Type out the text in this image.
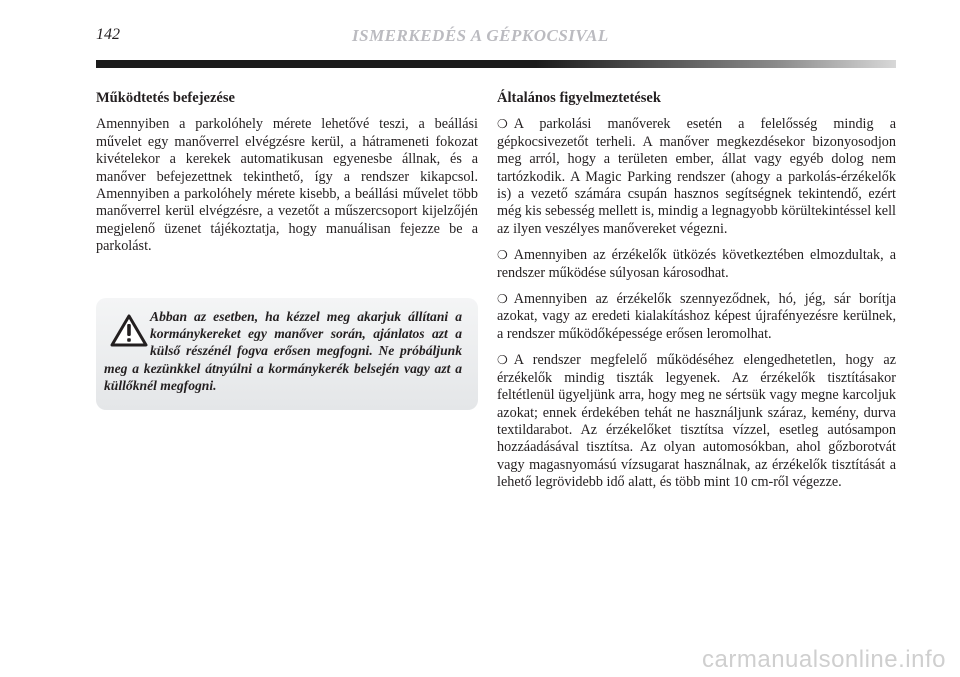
142	ISMERKEDÉS A GÉPKOCSIVAL
Működtetés befejezése

Amennyiben a parkolóhely mérete lehetővé teszi, a beállási művelet egy manőverrel elvégzésre kerül, a hátrameneti fokozat kivételekor a kerekek automatikusan egyenesbe állnak, és a manőver befejezettnek tekinthető, így a rendszer kikapcsol. Amennyiben a parkolóhely mérete kisebb, a beállási művelet több manőverrel kerül elvégzésre, a vezetőt a műszercsoport kijelzőjén megjelenő üzenet tájékoztatja, hogy manuálisan fejezze be a parkolást.

Abban az esetben, ha kézzel meg akarjuk állítani a kormánykereket egy manőver során, ajánlatos azt a külső részénél fogva erősen megfogni. Ne próbáljunk meg a kezünkkel átnyúlni a kormánykerék belsején vagy azt a küllőknél megfogni.
Általános figyelmeztetések

❍ A parkolási manőverek esetén a felelősség mindig a gépkocsivezetőt terheli. A manőver megkezdésekor bizonyosodjon meg arról, hogy a területen ember, állat vagy egyéb dolog nem tartózkodik. A Magic Parking rendszer (ahogy a parkolás-érzékelők is) a vezető számára csupán hasznos segítségnek tekintendő, ezért még kis sebesség mellett is, mindig a legnagyobb körültekintéssel kell az ilyen veszélyes manővereket végezni.

❍ Amennyiben az érzékelők ütközés következtében elmozdultak, a rendszer működése súlyosan károsodhat.

❍ Amennyiben az érzékelők szennyeződnek, hó, jég, sár borítja azokat, vagy az eredeti kialakításhoz képest újrafényezésre kerülnek, a rendszer működőképessége erősen leromolhat.

❍ A rendszer megfelelő működéséhez elengedhetetlen, hogy az érzékelők mindig tiszták legyenek. Az érzékelők tisztításakor feltétlenül ügyeljünk arra, hogy meg ne sértsük vagy megne karcoljuk azokat; ennek érdekében tehát ne használjunk száraz, kemény, durva textildarabot. Az érzékelőket tisztítsa vízzel, esetleg autósampon hozzáadásával tisztítsa. Az olyan automosókban, ahol gőzborotvát vagy magasnyomású vízsugarat használnak, az érzékelők tisztítását a lehető legrövidebb idő alatt, és több mint 10 cm-ről végezze.

carmanualsonline.info
